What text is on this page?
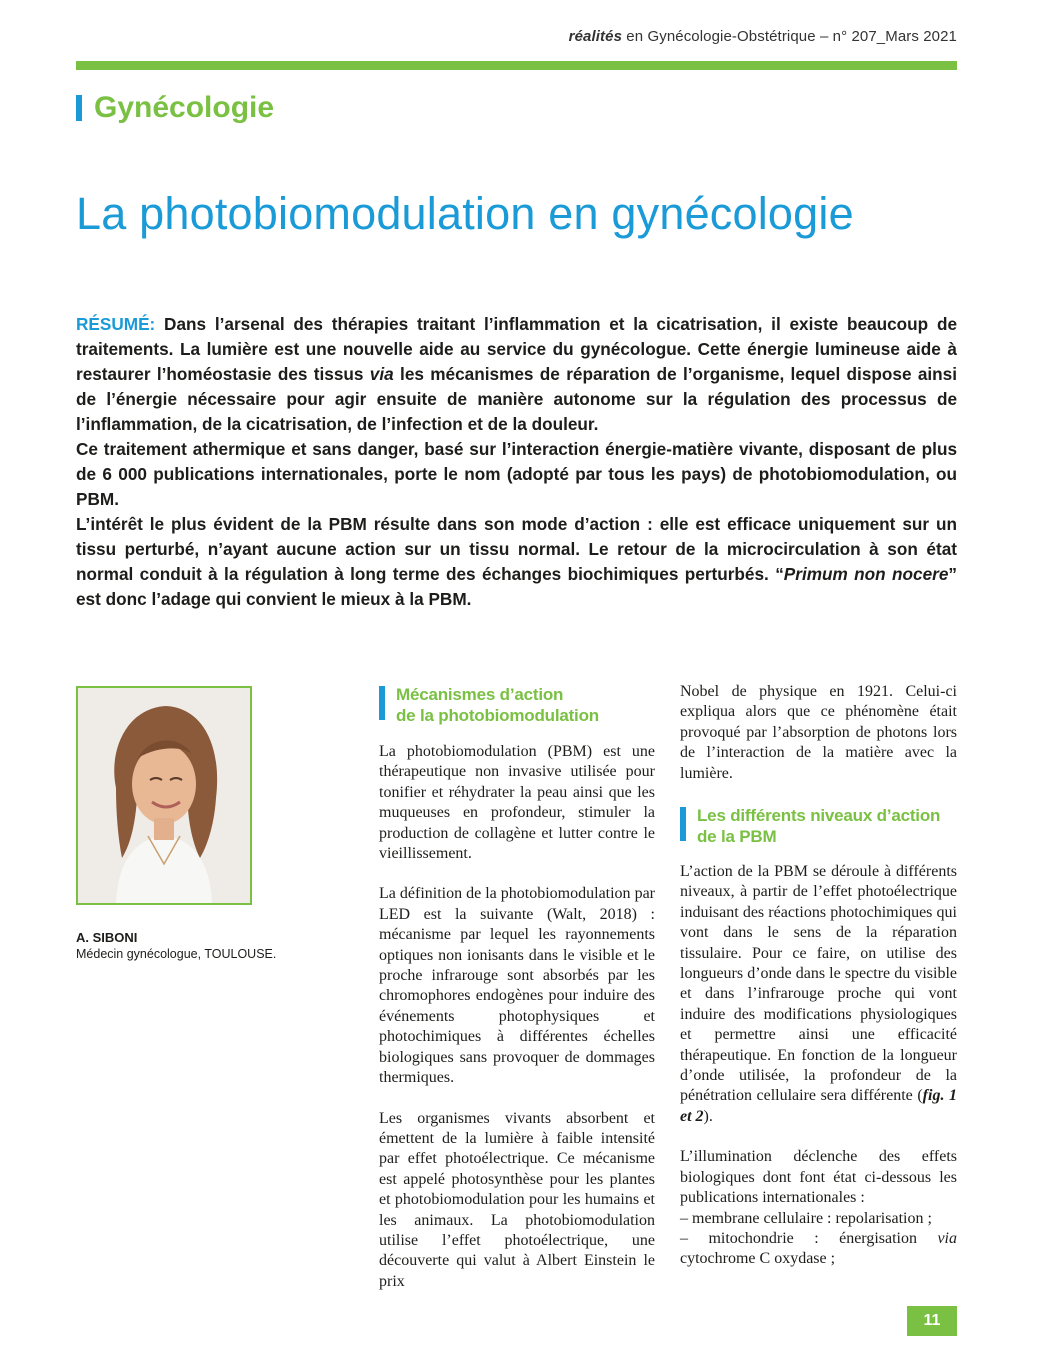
réalités en Gynécologie-Obstétrique – n° 207_Mars 2021
Gynécologie
La photobiomodulation en gynécologie

RÉSUMÉ: Dans l’arsenal des thérapies traitant l’inflammation et la cicatrisation, il existe beaucoup de traitements. La lumière est une nouvelle aide au service du gynécologue. Cette énergie lumineuse aide à restaurer l’homéostasie des tissus via les mécanismes de réparation de l’organisme, lequel dispose ainsi de l’énergie nécessaire pour agir ensuite de manière autonome sur la régulation des processus de l’inflammation, de la cicatrisation, de l’infection et de la douleur.

Ce traitement athermique et sans danger, basé sur l’interaction énergie-matière vivante, disposant de plus de 6 000 publications internationales, porte le nom (adopté par tous les pays) de photobiomodulation, ou PBM.

L’intérêt le plus évident de la PBM résulte dans son mode d’action : elle est efficace uniquement sur un tissu perturbé, n’ayant aucune action sur un tissu normal. Le retour de la microcirculation à son état normal conduit à la régulation à long terme des échanges biochimiques perturbés. “Primum non nocere” est donc l’adage qui convient le mieux à la PBM.

A. SIBONI
Médecin gynécologue, TOULOUSE.
Mécanismes d’action
de la photobiomodulation

La photobiomodulation (PBM) est une thérapeutique non invasive utilisée pour tonifier et réhydrater la peau ainsi que les muqueuses en profondeur, stimuler la production de collagène et lutter contre le vieillissement.

La définition de la photobiomodulation par LED est la suivante (Walt, 2018) : mécanisme par lequel les rayonnements optiques non ionisants dans le visible et le proche infrarouge sont absorbés par les chromophores endogènes pour induire des événements photophysiques et photochimiques à différentes échelles biologiques sans provoquer de dommages thermiques.

Les organismes vivants absorbent et émettent de la lumière à faible intensité par effet photoélectrique. Ce mécanisme est appelé photosynthèse pour les plantes et photobiomodulation pour les humains et les animaux. La photobiomodulation utilise l’effet photoélectrique, une découverte qui valut à Albert Einstein le prix

Nobel de physique en 1921. Celui-ci expliqua alors que ce phénomène était provoqué par l’absorption de photons lors de l’interaction de la matière avec la lumière.

Les différents niveaux d’action
de la PBM

L’action de la PBM se déroule à différents niveaux, à partir de l’effet photoélectrique induisant des réactions photochimiques qui vont dans le sens de la réparation tissulaire. Pour ce faire, on utilise des longueurs d’onde dans le spectre du visible et dans l’infrarouge proche qui vont induire des modifications physiologiques et permettre ainsi une efficacité thérapeutique. En fonction de la longueur d’onde utilisée, la profondeur de la pénétration cellulaire sera différente (fig. 1 et 2).

L’illumination déclenche des effets biologiques dont font état ci-dessous les publications internationales :
– membrane cellulaire : repolarisation ;
– mitochondrie : énergisation via cytochrome C oxydase ;

11
